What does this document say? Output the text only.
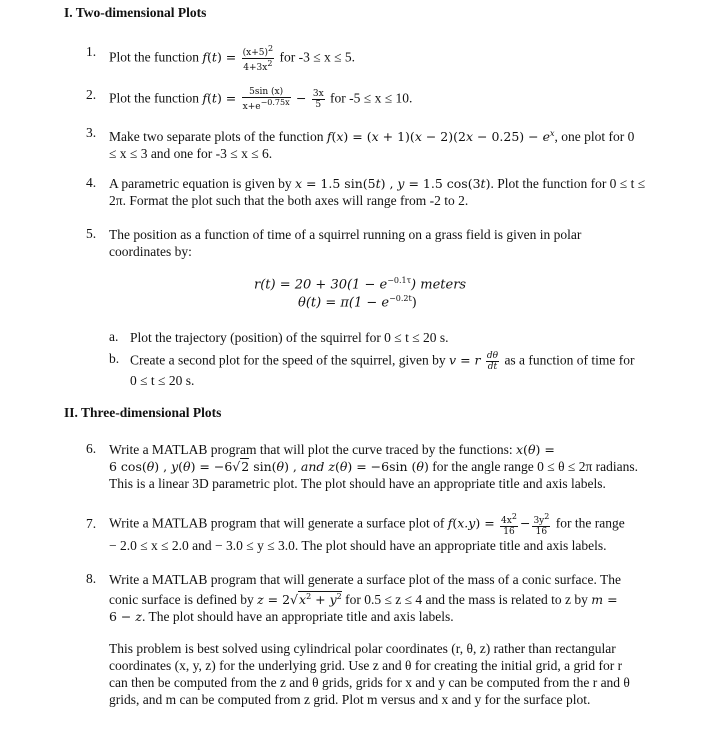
I. Two-dimensional Plots
1. Plot the function $f(t) = \frac{(x+5)^2}{4+3x^2}$ for -3 ≤ x ≤ 5.
2. Plot the function $f(t) = \frac{5\sin (x)}{x+e^{-0.75x}} - \frac{3x}{5}$ for -5 ≤ x ≤ 10.
3. Make two separate plots of the function $f(x) = (x + 1)(x - 2)(2x - 0.25) - e^x$, one plot for 0
≤ x ≤ 3 and one for -3 ≤ x ≤ 6.
4. A parametric equation is given by x = 1.5 sin(5t) , y = 1.5 cos(3t). Plot the function for 0 ≤ t ≤
2π. Format the plot such that the both axes will range from -2 to 2.
5. The position as a function of time of a squirrel running on a grass field is given in polar
coordinates by:
$r(t) = 20 + 30(1 - e^{-0.1\tau})$ meters
$\theta(t) = \pi(1 - e^{-0.2t})$
a. Plot the trajectory (position) of the squirrel for 0 ≤ t ≤ 20 s.
b. Create a second plot for the speed of the squirrel, given by v = r $\frac{d\theta}{dt}$ as a function of time for
0 ≤ t ≤ 20 s.
II. Three-dimensional Plots
6. Write a MATLAB program that will plot the curve traced by the functions: x(θ) =
6 cos(θ) , y(θ) = −6√2 sin(θ) , and z(θ) = −6sin (θ) for the angle range 0 ≤ θ ≤ 2π radians.
This is a linear 3D parametric plot. The plot should have an appropriate title and axis labels.
7. Write a MATLAB program that will generate a surface plot of $f(x.y) = \frac{4x^2}{16} - \frac{3y^2}{16}$ for the range
− 2.0 ≤ x ≤ 2.0 and − 3.0 ≤ y ≤ 3.0. The plot should have an appropriate title and axis labels.
8. Write a MATLAB program that will generate a surface plot of the mass of a conic surface. The
conic surface is defined by $z = 2√x^2 + y^2$ for 0.5 ≤ z ≤ 4 and the mass is related to z by m =
6 − z. The plot should have an appropriate title and axis labels.
This problem is best solved using cylindrical polar coordinates (r, θ, z) rather than rectangular
coordinates (x, y, z) for the underlying grid. Use z and θ for creating the initial grid, a grid for r
can then be computed from the z and θ grids, grids for x and y can be computed from the r and θ
grids, and m can be computed from z grid. Plot m versus and x and y for the surface plot.
